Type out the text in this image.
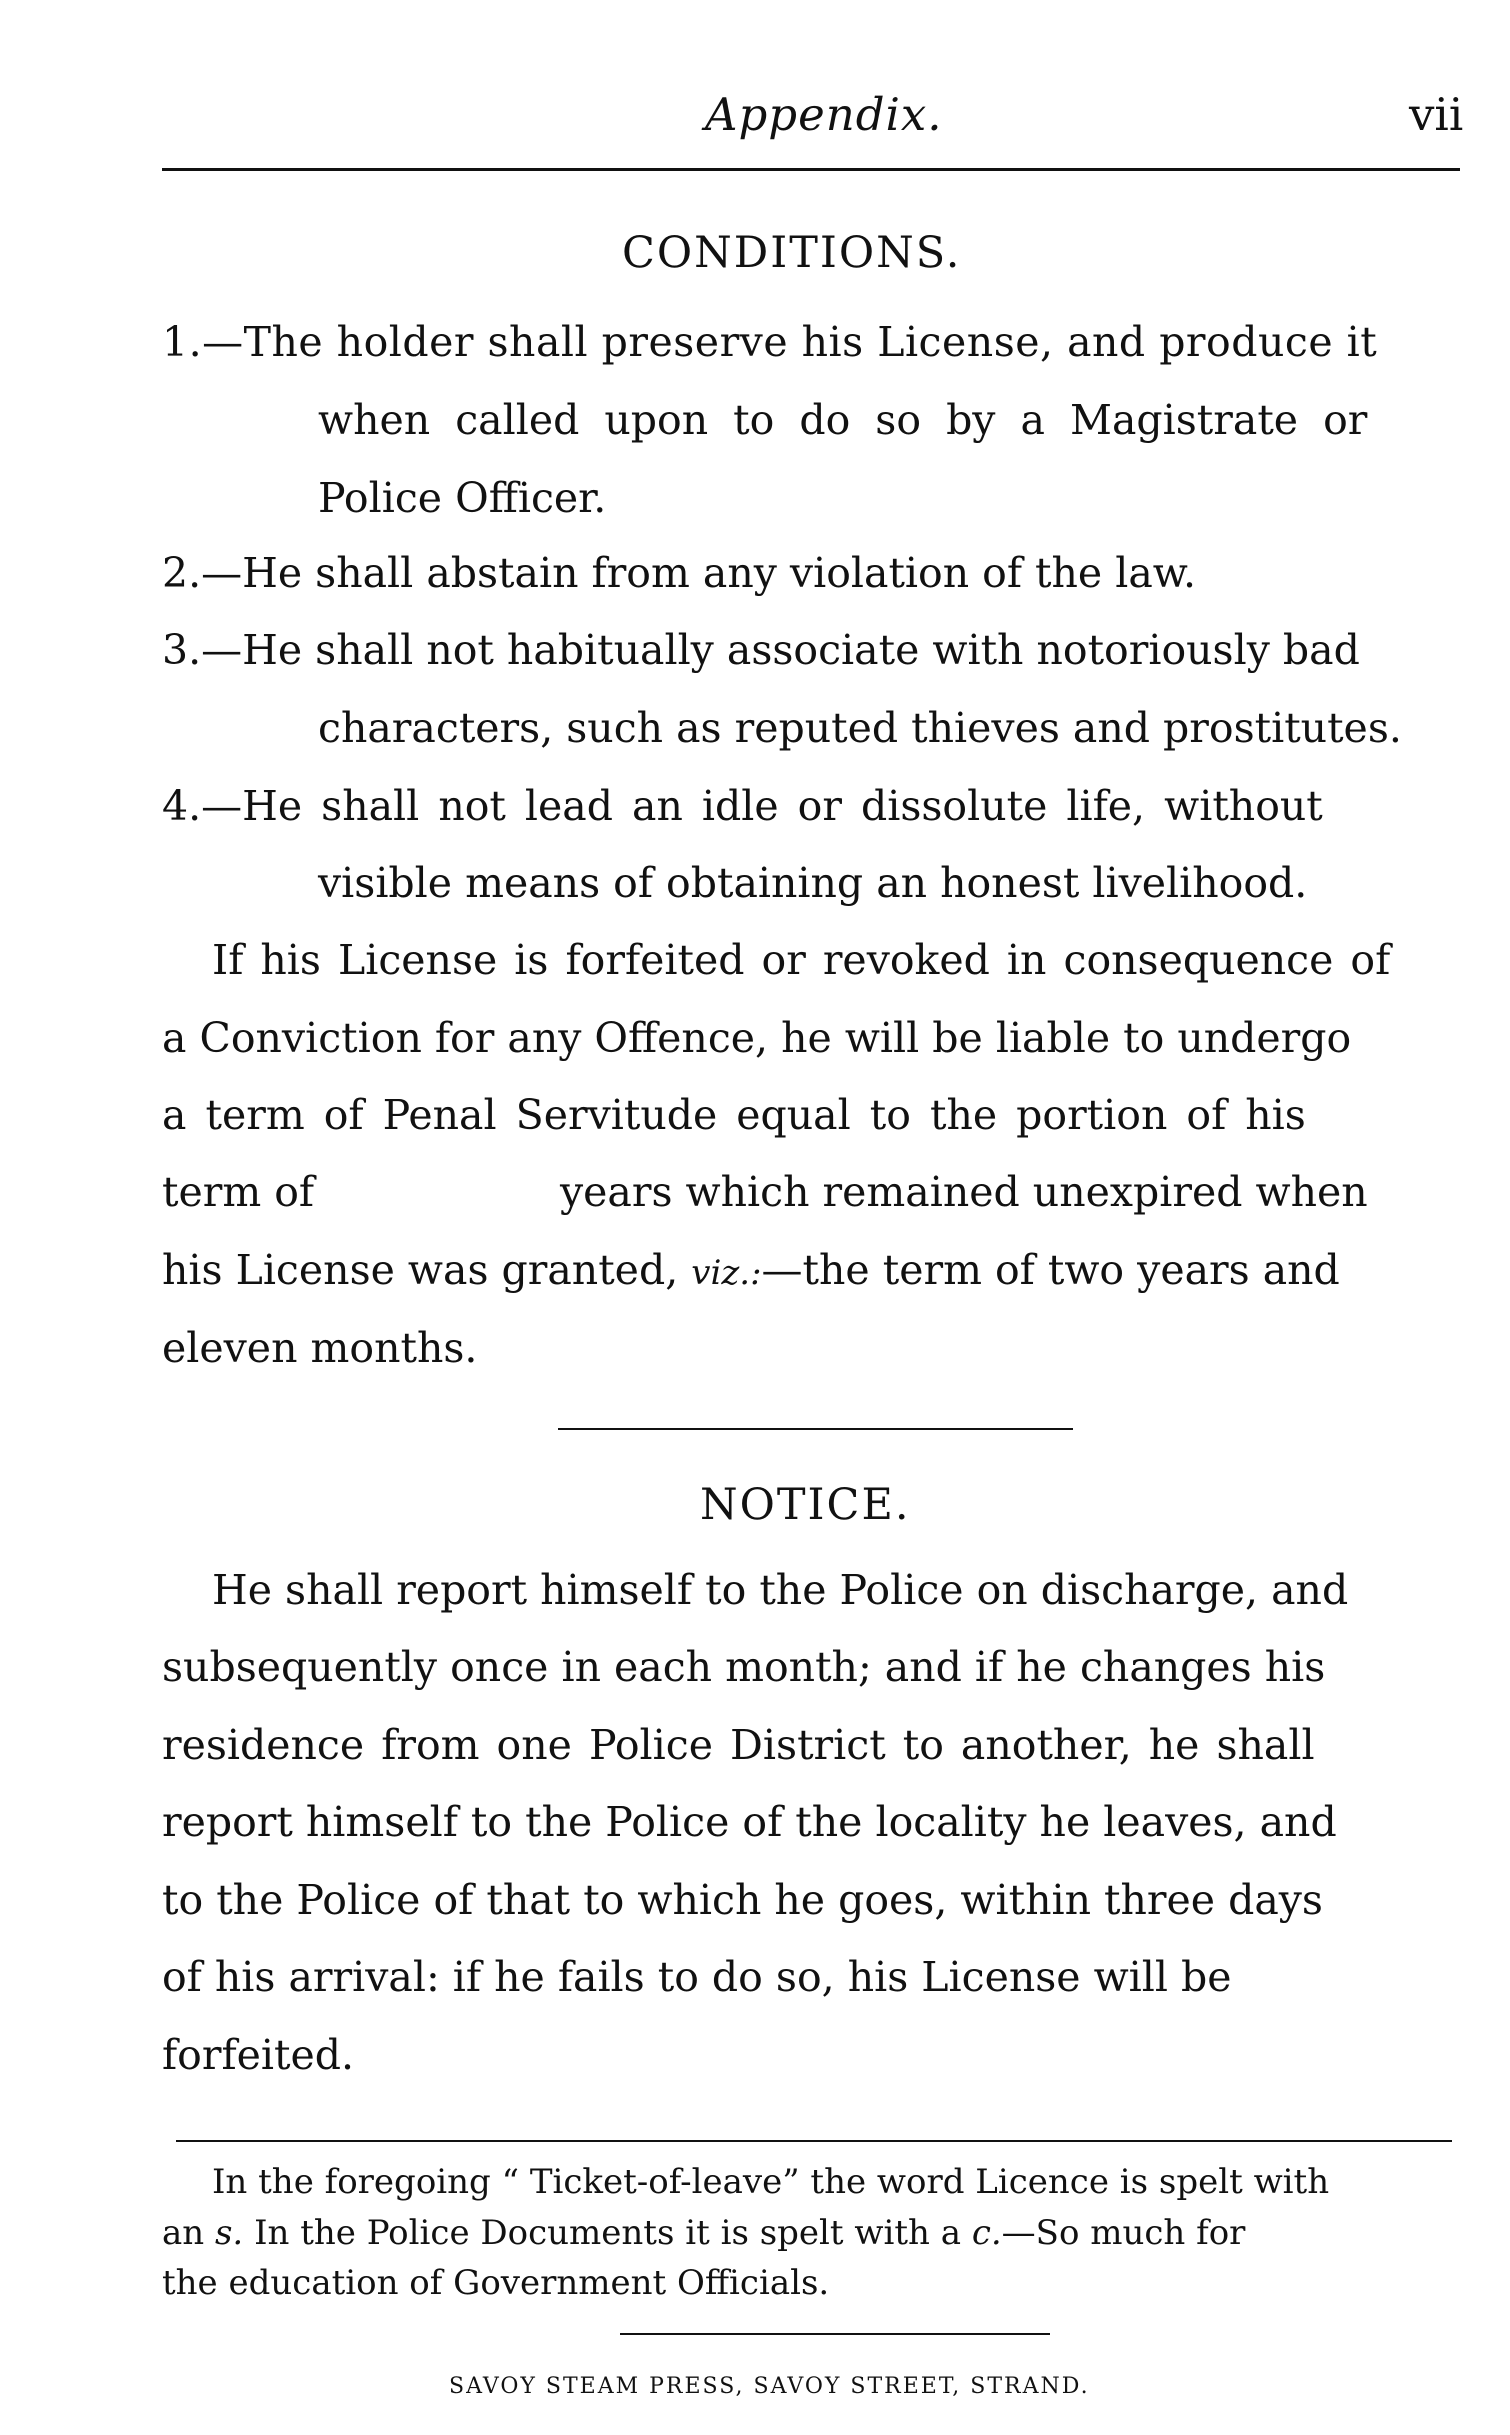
Appendix.	vii
CONDITIONS.
1.—The holder shall preserve his License, and produce it
when called upon to do so by a Magistrate or
Police Officer.
2.—He shall abstain from any violation of the law.
3.—He shall not habitually associate with notoriously bad
characters, such as reputed thieves and prostitutes.
4.—He shall not lead an idle or dissolute life, without
visible means of obtaining an honest livelihood.
If his License is forfeited or revoked in consequence of
a Conviction for any Offence, he will be liable to undergo
a term of Penal Servitude equal to the portion of his
term of	years which remained unexpired when
his License was granted, viz.:—the term of two years and
eleven months.
NOTICE.
He shall report himself to the Police on discharge, and
subsequently once in each month; and if he changes his
residence from one Police District to another, he shall
report himself to the Police of the locality he leaves, and
to the Police of that to which he goes, within three days
of his arrival: if he fails to do so, his License will be
forfeited.
In the foregoing “ Ticket-of-leave” the word Licence is spelt with
an s. In the Police Documents it is spelt with a c.—So much for
the education of Government Officials.
SAVOY STEAM PRESS, SAVOY STREET, STRAND.
